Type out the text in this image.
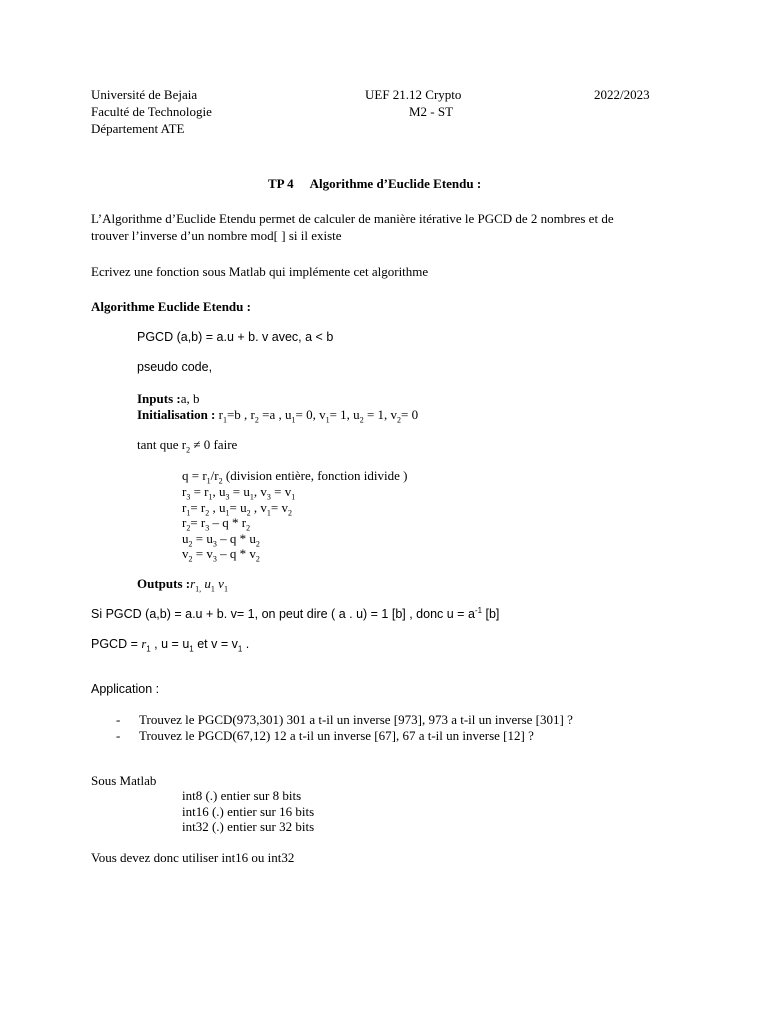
Université de Bejaia
Faculté de Technologie
Département ATE
UEF 21.12 Crypto
M2 - ST
2022/2023
TP 4 Algorithme d’Euclide Etendu :
L’Algorithme d’Euclide Etendu permet de calculer de manière itérative le PGCD de 2 nombres et de
trouver l’inverse d’un nombre mod[ ] si il existe
Ecrivez une fonction sous Matlab qui implémente cet algorithme
Algorithme Euclide Etendu :
PGCD (a,b) = a.u + b. v avec, a < b
pseudo code,
Inputs :a, b
Initialisation : $r_1=b$ , $r_2 =a$ , $u_1= 0$, $v_1= 1$, $u_2 = 1$, $v_2= 0$
tant que $r_2 \ne 0$ faire
$q = r_1/r_2$ (division entière, fonction idivide )
$r_3 = r_1$, $u_3 = u_1$, $v_3 = v_1$
$r_1= r_2$ , $u_1= u_2$ , $v_1= v_2$
$r_2= r_3 - q * r_2$
$u_2 = u_3 - q * u_2$
$v_2 = v_3 - q * v_2$
Outputs $:r_{1,}$ $u_1$ $v_1$
Si PGCD (a,b) = a.u + b. v= 1, on peut dire ( a . u) = 1 [b] , donc $u = a^{-1}$ [b]
PGCD = $r_1$ , $u = u_1$ et $v = v_1$ .
Application :
- Trouvez le PGCD(973,301) 301 a t-il un inverse [973], 973 a t-il un inverse [301] ?
- Trouvez le PGCD(67,12) 12 a t-il un inverse [67], 67 a t-il un inverse [12] ?
Sous Matlab
int8 (.) entier sur 8 bits
int16 (.) entier sur 16 bits
int32 (.) entier sur 32 bits
Vous devez donc utiliser int16 ou int32
